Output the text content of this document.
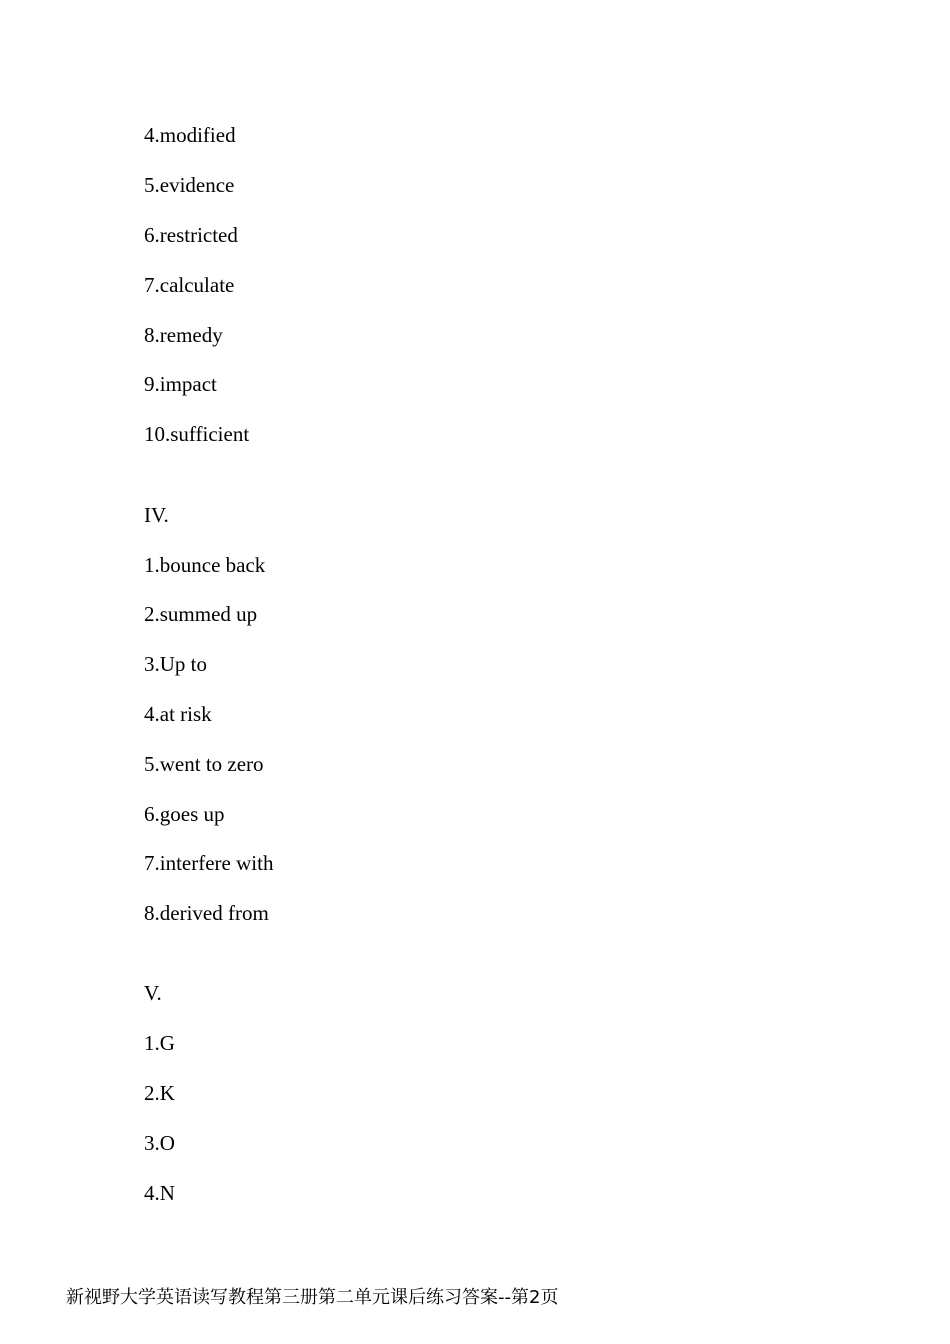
4.modified
5.evidence
6.restricted
7.calculate
8.remedy
9.impact
10.sufficient
IV.
1.bounce back
2.summed up
3.Up to
4.at risk
5.went to zero
6.goes up
7.interfere with
8.derived from
V.
1.G
2.K
3.O
4.N
新视野大学英语读写教程第三册第二单元课后练习答案--第2页
